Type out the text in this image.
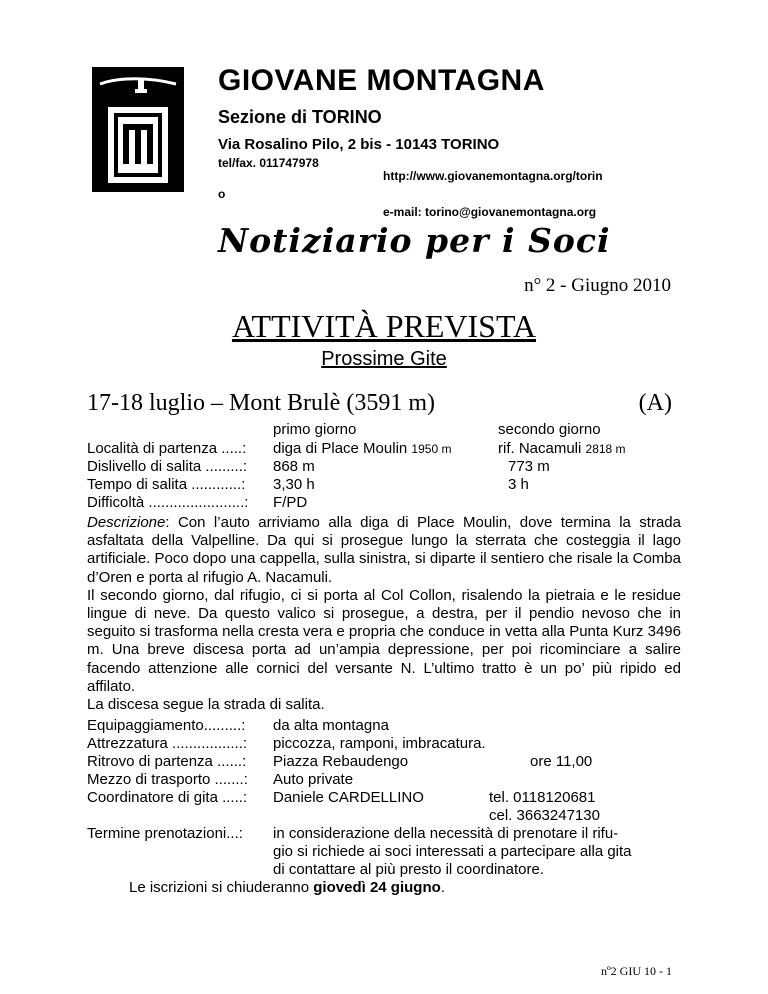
GIOVANE MONTAGNA
Sezione di TORINO
Via Rosalino Pilo, 2 bis - 10143 TORINO
tel/fax. 011747978
http://www.giovanemontagna.org/torin
o
e-mail: torino@giovanemontagna.org
Notiziario per i Soci
n° 2 - Giugno 2010
ATTIVITÀ PREVISTA
Prossime Gite
17-18 luglio – Mont Brulè (3591 m)	(A)
primo giorno	secondo giorno
Località di partenza .....: diga di Place Moulin 1950 m	rif. Nacamuli 2818 m
Dislivello di salita .........: 868 m	773 m
Tempo di salita ............: 3,30 h	3 h
Difficoltà .......................: F/PD

Descrizione: Con l’auto arriviamo alla diga di Place Moulin, dove termina la strada asfaltata della Valpelline. Da qui si prosegue lungo la sterrata che costeggia il lago artificiale. Poco dopo una cappella, sulla sinistra, si diparte il sentiero che risale la Comba d’Oren e porta al rifugio A. Nacamuli.

Il secondo giorno, dal rifugio, ci si porta al Col Collon, risalendo la pietraia e le residue lingue di neve. Da questo valico si prosegue, a destra, per il pendio nevoso che in seguito si trasforma nella cresta vera e propria che conduce in vetta alla Punta Kurz 3496 m. Una breve discesa porta ad un’ampia depressione, per poi ricominciare a salire facendo attenzione alle cornici del versante N. L’ultimo tratto è un po’ più ripido ed affilato.

La discesa segue la strada di salita.

Equipaggiamento.........: da alta montagna
Attrezzatura .................: piccozza, ramponi, imbracatura.
Ritrovo di partenza ......: Piazza Rebaudengo	ore 11,00
Mezzo di trasporto .......: Auto private
Coordinatore di gita .....: Daniele CARDELLINO	tel. 0118120681
cel. 3663247130
Termine prenotazioni...: in considerazione della necessità di prenotare il rifu-
gio si richiede ai soci interessati a partecipare alla gita
di contattare al più presto il coordinatore.
Le iscrizioni si chiuderanno giovedì 24 giugno.
nº2 GIU 10 - 1
